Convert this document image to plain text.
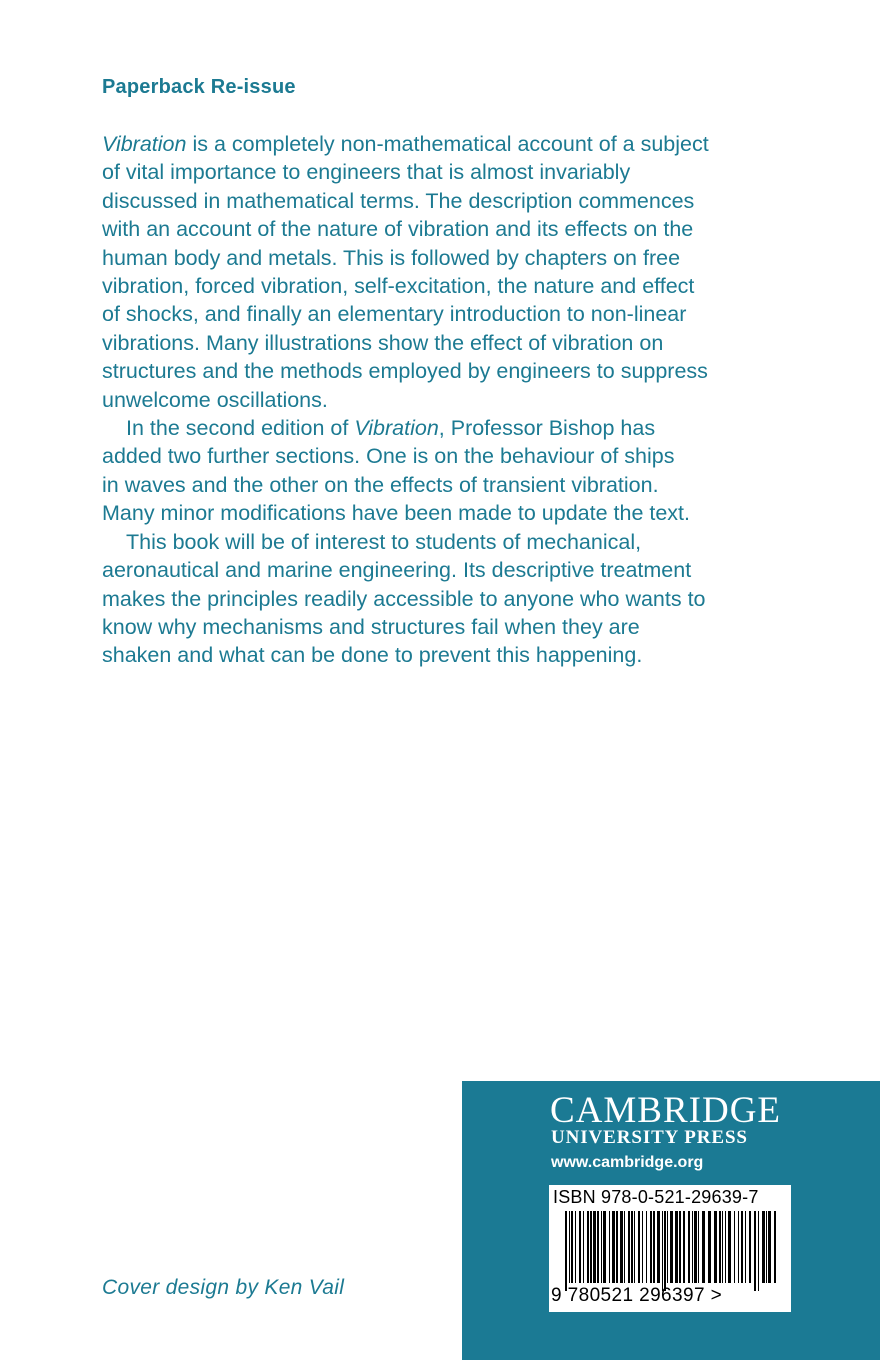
Paperback Re-issue

Vibration is a completely non-mathematical account of a subject
of vital importance to engineers that is almost invariably
discussed in mathematical terms. The description commences
with an account of the nature of vibration and its effects on the
human body and metals. This is followed by chapters on free
vibration, forced vibration, self-excitation, the nature and effect
of shocks, and finally an elementary introduction to non-linear
vibrations. Many illustrations show the effect of vibration on
structures and the methods employed by engineers to suppress
unwelcome oscillations.

In the second edition of Vibration, Professor Bishop has
added two further sections. One is on the behaviour of ships
in waves and the other on the effects of transient vibration.
Many minor modifications have been made to update the text.

This book will be of interest to students of mechanical,
aeronautical and marine engineering. Its descriptive treatment
makes the principles readily accessible to anyone who wants to
know why mechanisms and structures fail when they are
shaken and what can be done to prevent this happening.

Cover design by Ken Vail
CAMBRIDGE
UNIVERSITY PRESS
www.cambridge.org
ISBN 978-0-521-29639-7
9 780521 296397 >
